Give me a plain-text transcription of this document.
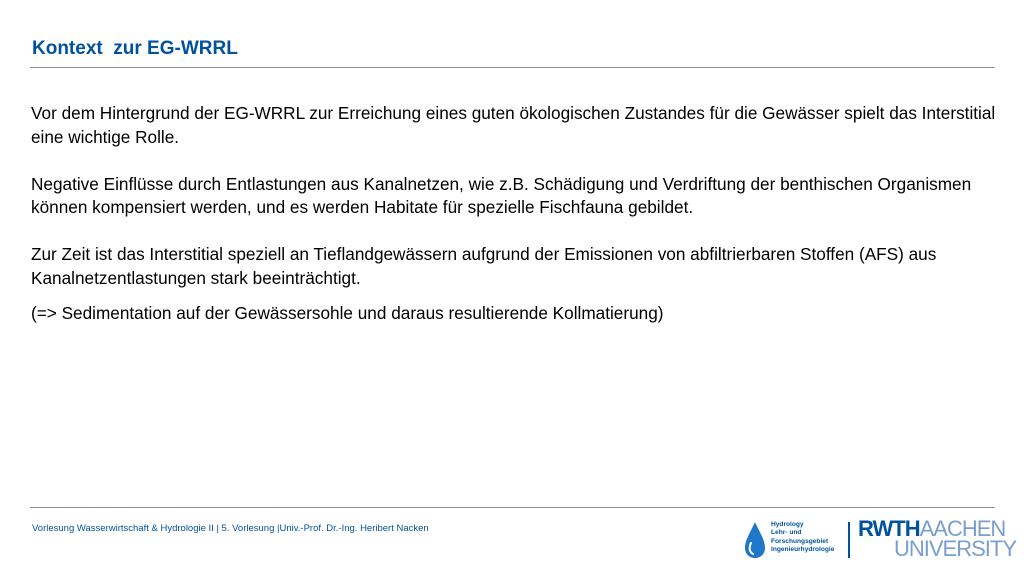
Kontext  zur EG-WRRL

Vor dem Hintergrund der EG-WRRL zur Erreichung eines guten ökologischen Zustandes für die Gewässer spielt das Interstitial eine wichtige Rolle.

Negative Einflüsse durch Entlastungen aus Kanalnetzen, wie z.B. Schädigung und Verdriftung der benthischen Organismen können kompensiert werden, und es werden Habitate für spezielle Fischfauna gebildet.

Zur Zeit ist das Interstitial speziell an Tieflandgewässern aufgrund der Emissionen von abfiltrierbaren Stoffen (AFS) aus Kanalnetzentlastungen stark beeinträchtigt.

(=> Sedimentation auf der Gewässersohle und daraus resultierende Kollmatierung)

Vorlesung Wasserwirtschaft & Hydrologie II | 5. Vorlesung |Univ.-Prof. Dr.-Ing. Heribert Nacken	Hydrology
Lehr- und
Forschungsgebiet
Ingenieurhydrologie
RWTHAACHEN
UNIVERSITY
